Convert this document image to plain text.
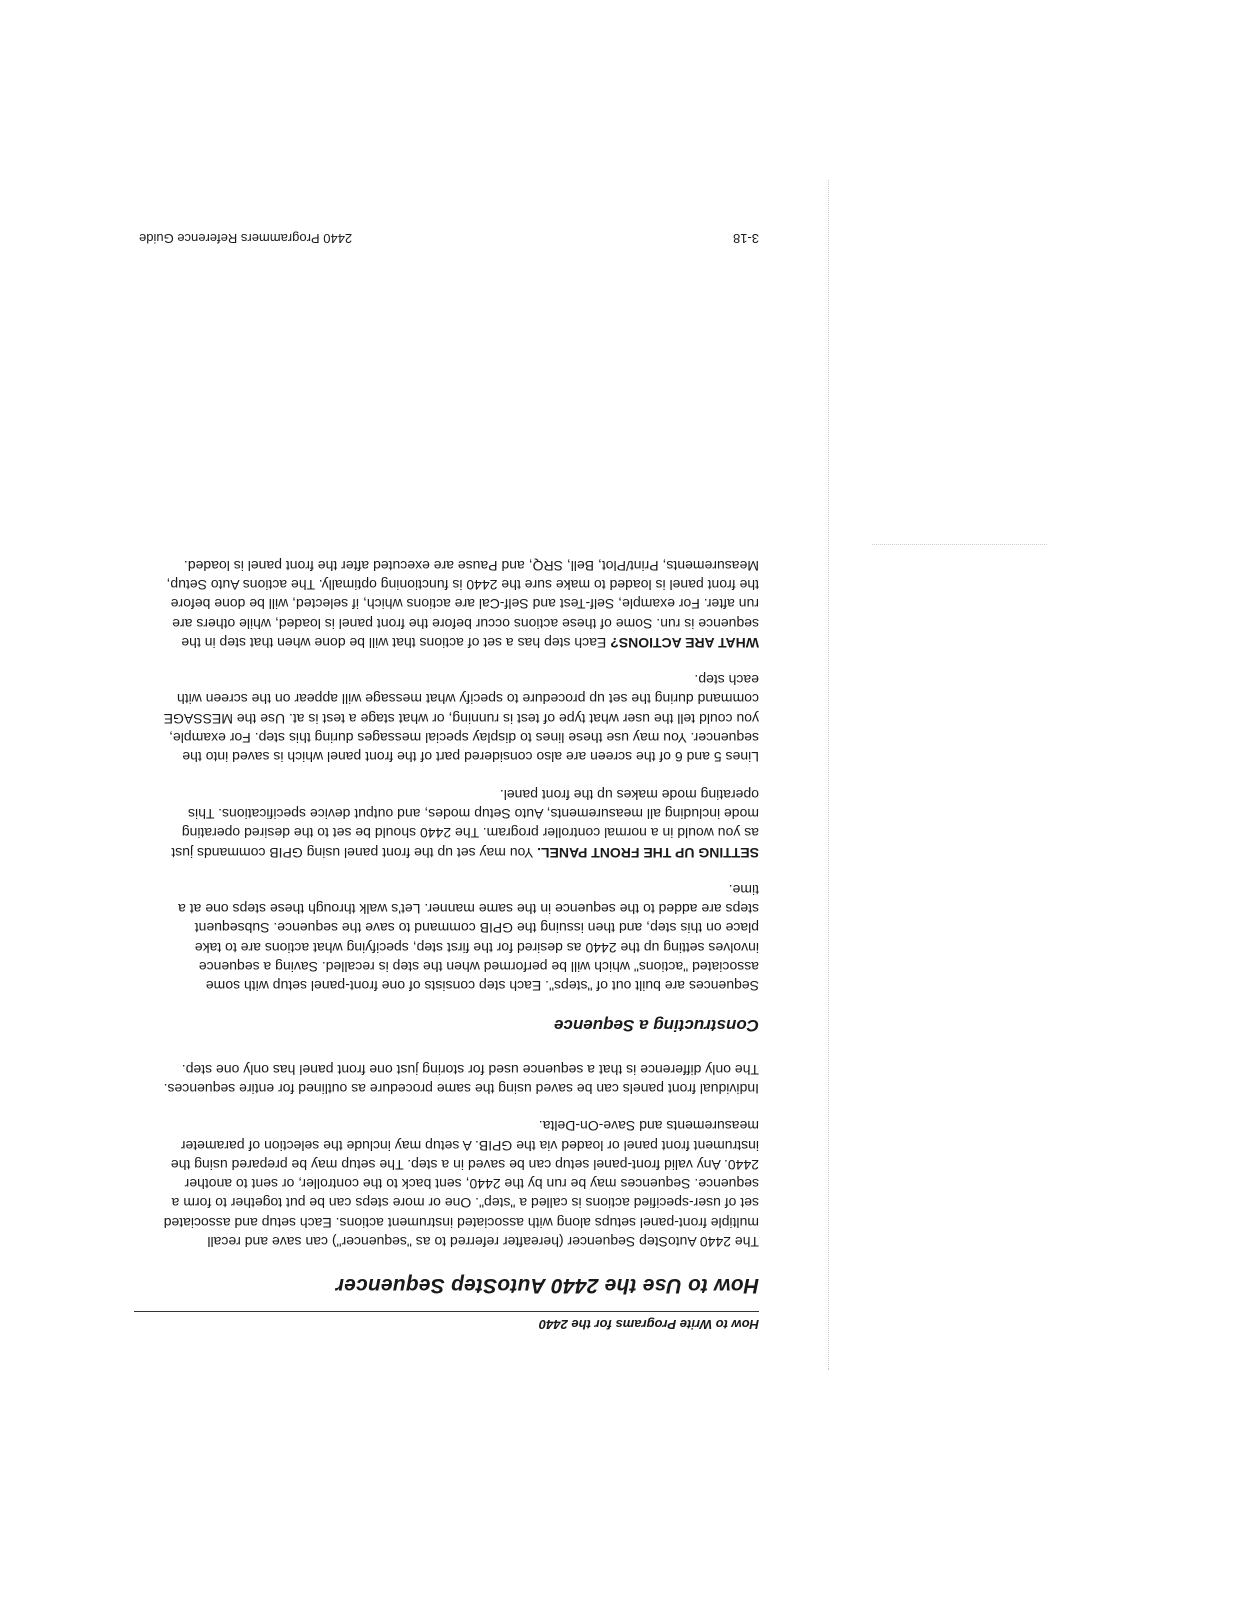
How to Write Programs for the 2440
How to Use the 2440 AutoStep Sequencer

The 2440 AutoStep Sequencer (hereafter referred to as "sequencer") can save and recall multiple front-panel setups along with associated instrument actions. Each setup and associated set of user-specified actions is called a "step". One or more steps can be put together to form a sequence. Sequences may be run by the 2440, sent back to the controller, or sent to another 2440. Any valid front-panel setup can be saved in a step. The setup may be prepared using the instrument front panel or loaded via the GPIB. A setup may include the selection of parameter measurements and Save-On-Delta.

Individual front panels can be saved using the same procedure as outlined for entire sequences. The only difference is that a sequence used for storing just one front panel has only one step.

Constructing a Sequence

Sequences are built out of "steps". Each step consists of one front-panel setup with some associated "actions" which will be performed when the step is recalled. Saving a sequence involves setting up the 2440 as desired for the first step, specifying what actions are to take place on this step, and then issuing the GPIB command to save the sequence. Subsequent steps are added to the sequence in the same manner. Let's walk through these steps one at a time.

SETTING UP THE FRONT PANEL. You may set up the front panel using GPIB commands just as you would in a normal controller program. The 2440 should be set to the desired operating mode including all measurements, Auto Setup modes, and output device specifications. This operating mode makes up the front panel.

Lines 5 and 6 of the screen are also considered part of the front panel which is saved into the sequencer. You may use these lines to display special messages during this step. For example, you could tell the user what type of test is running, or what stage a test is at. Use the MESSAGE command during the set up procedure to specify what message will appear on the screen with each step.

WHAT ARE ACTIONS? Each step has a set of actions that will be done when that step in the sequence is run. Some of these actions occur before the front panel is loaded, while others are run after. For example, Self-Test and Self-Cal are actions which, if selected, will be done before the front panel is loaded to make sure the 2440 is functioning optimally. The actions Auto Setup, Measurements, Print/Plot, Bell, SRQ, and Pause are executed after the front panel is loaded.

3-18
2440 Programmers Reference Guide
